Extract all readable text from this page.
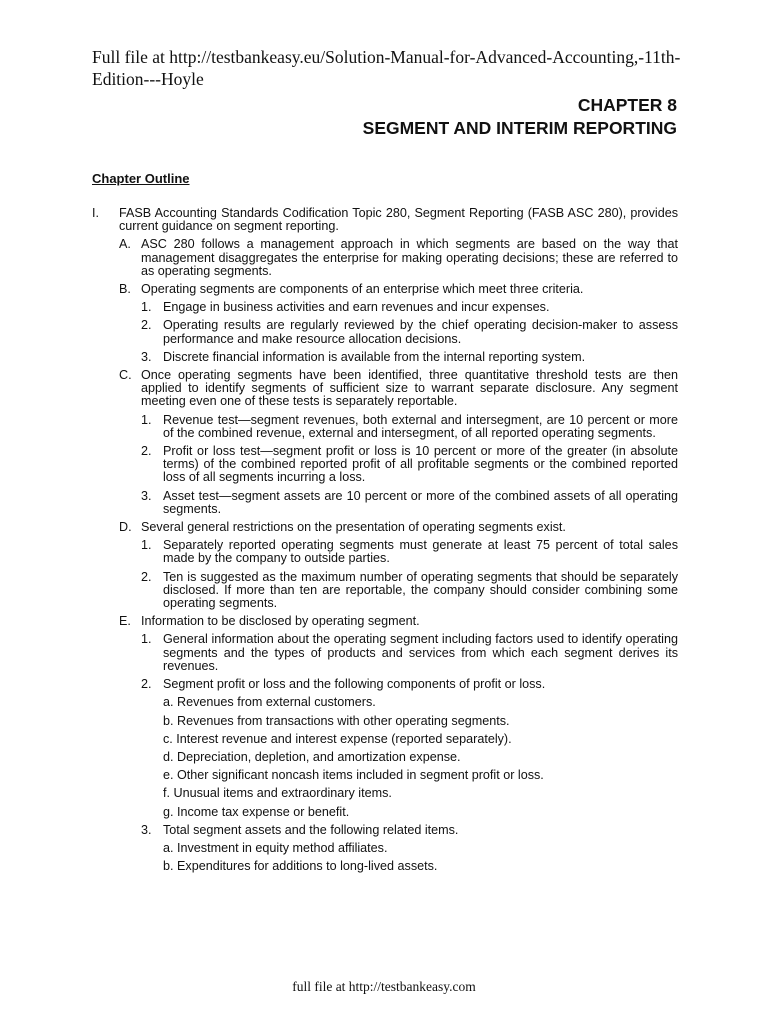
Full file at http://testbankeasy.eu/Solution-Manual-for-Advanced-Accounting,-11th-Edition---Hoyle

CHAPTER 8
SEGMENT AND INTERIM REPORTING
Chapter Outline
I. FASB Accounting Standards Codification Topic 280, Segment Reporting (FASB ASC 280), provides current guidance on segment reporting.
A. ASC 280 follows a management approach in which segments are based on the way that management disaggregates the enterprise for making operating decisions; these are referred to as operating segments.
B. Operating segments are components of an enterprise which meet three criteria.
1. Engage in business activities and earn revenues and incur expenses.
2. Operating results are regularly reviewed by the chief operating decision-maker to assess performance and make resource allocation decisions.
3. Discrete financial information is available from the internal reporting system.
C. Once operating segments have been identified, three quantitative threshold tests are then applied to identify segments of sufficient size to warrant separate disclosure. Any segment meeting even one of these tests is separately reportable.
1. Revenue test—segment revenues, both external and intersegment, are 10 percent or more of the combined revenue, external and intersegment, of all reported operating segments.
2. Profit or loss test—segment profit or loss is 10 percent or more of the greater (in absolute terms) of the combined reported profit of all profitable segments or the combined reported loss of all segments incurring a loss.
3. Asset test—segment assets are 10 percent or more of the combined assets of all operating segments.
D. Several general restrictions on the presentation of operating segments exist.
1. Separately reported operating segments must generate at least 75 percent of total sales made by the company to outside parties.
2. Ten is suggested as the maximum number of operating segments that should be separately disclosed. If more than ten are reportable, the company should consider combining some operating segments.
E. Information to be disclosed by operating segment.
1. General information about the operating segment including factors used to identify operating segments and the types of products and services from which each segment derives its revenues.
2. Segment profit or loss and the following components of profit or loss.
a. Revenues from external customers.
b. Revenues from transactions with other operating segments.
c. Interest revenue and interest expense (reported separately).
d. Depreciation, depletion, and amortization expense.
e. Other significant noncash items included in segment profit or loss.
f. Unusual items and extraordinary items.
g. Income tax expense or benefit.
3. Total segment assets and the following related items.
a. Investment in equity method affiliates.
b. Expenditures for additions to long-lived assets.
full file at http://testbankeasy.com
